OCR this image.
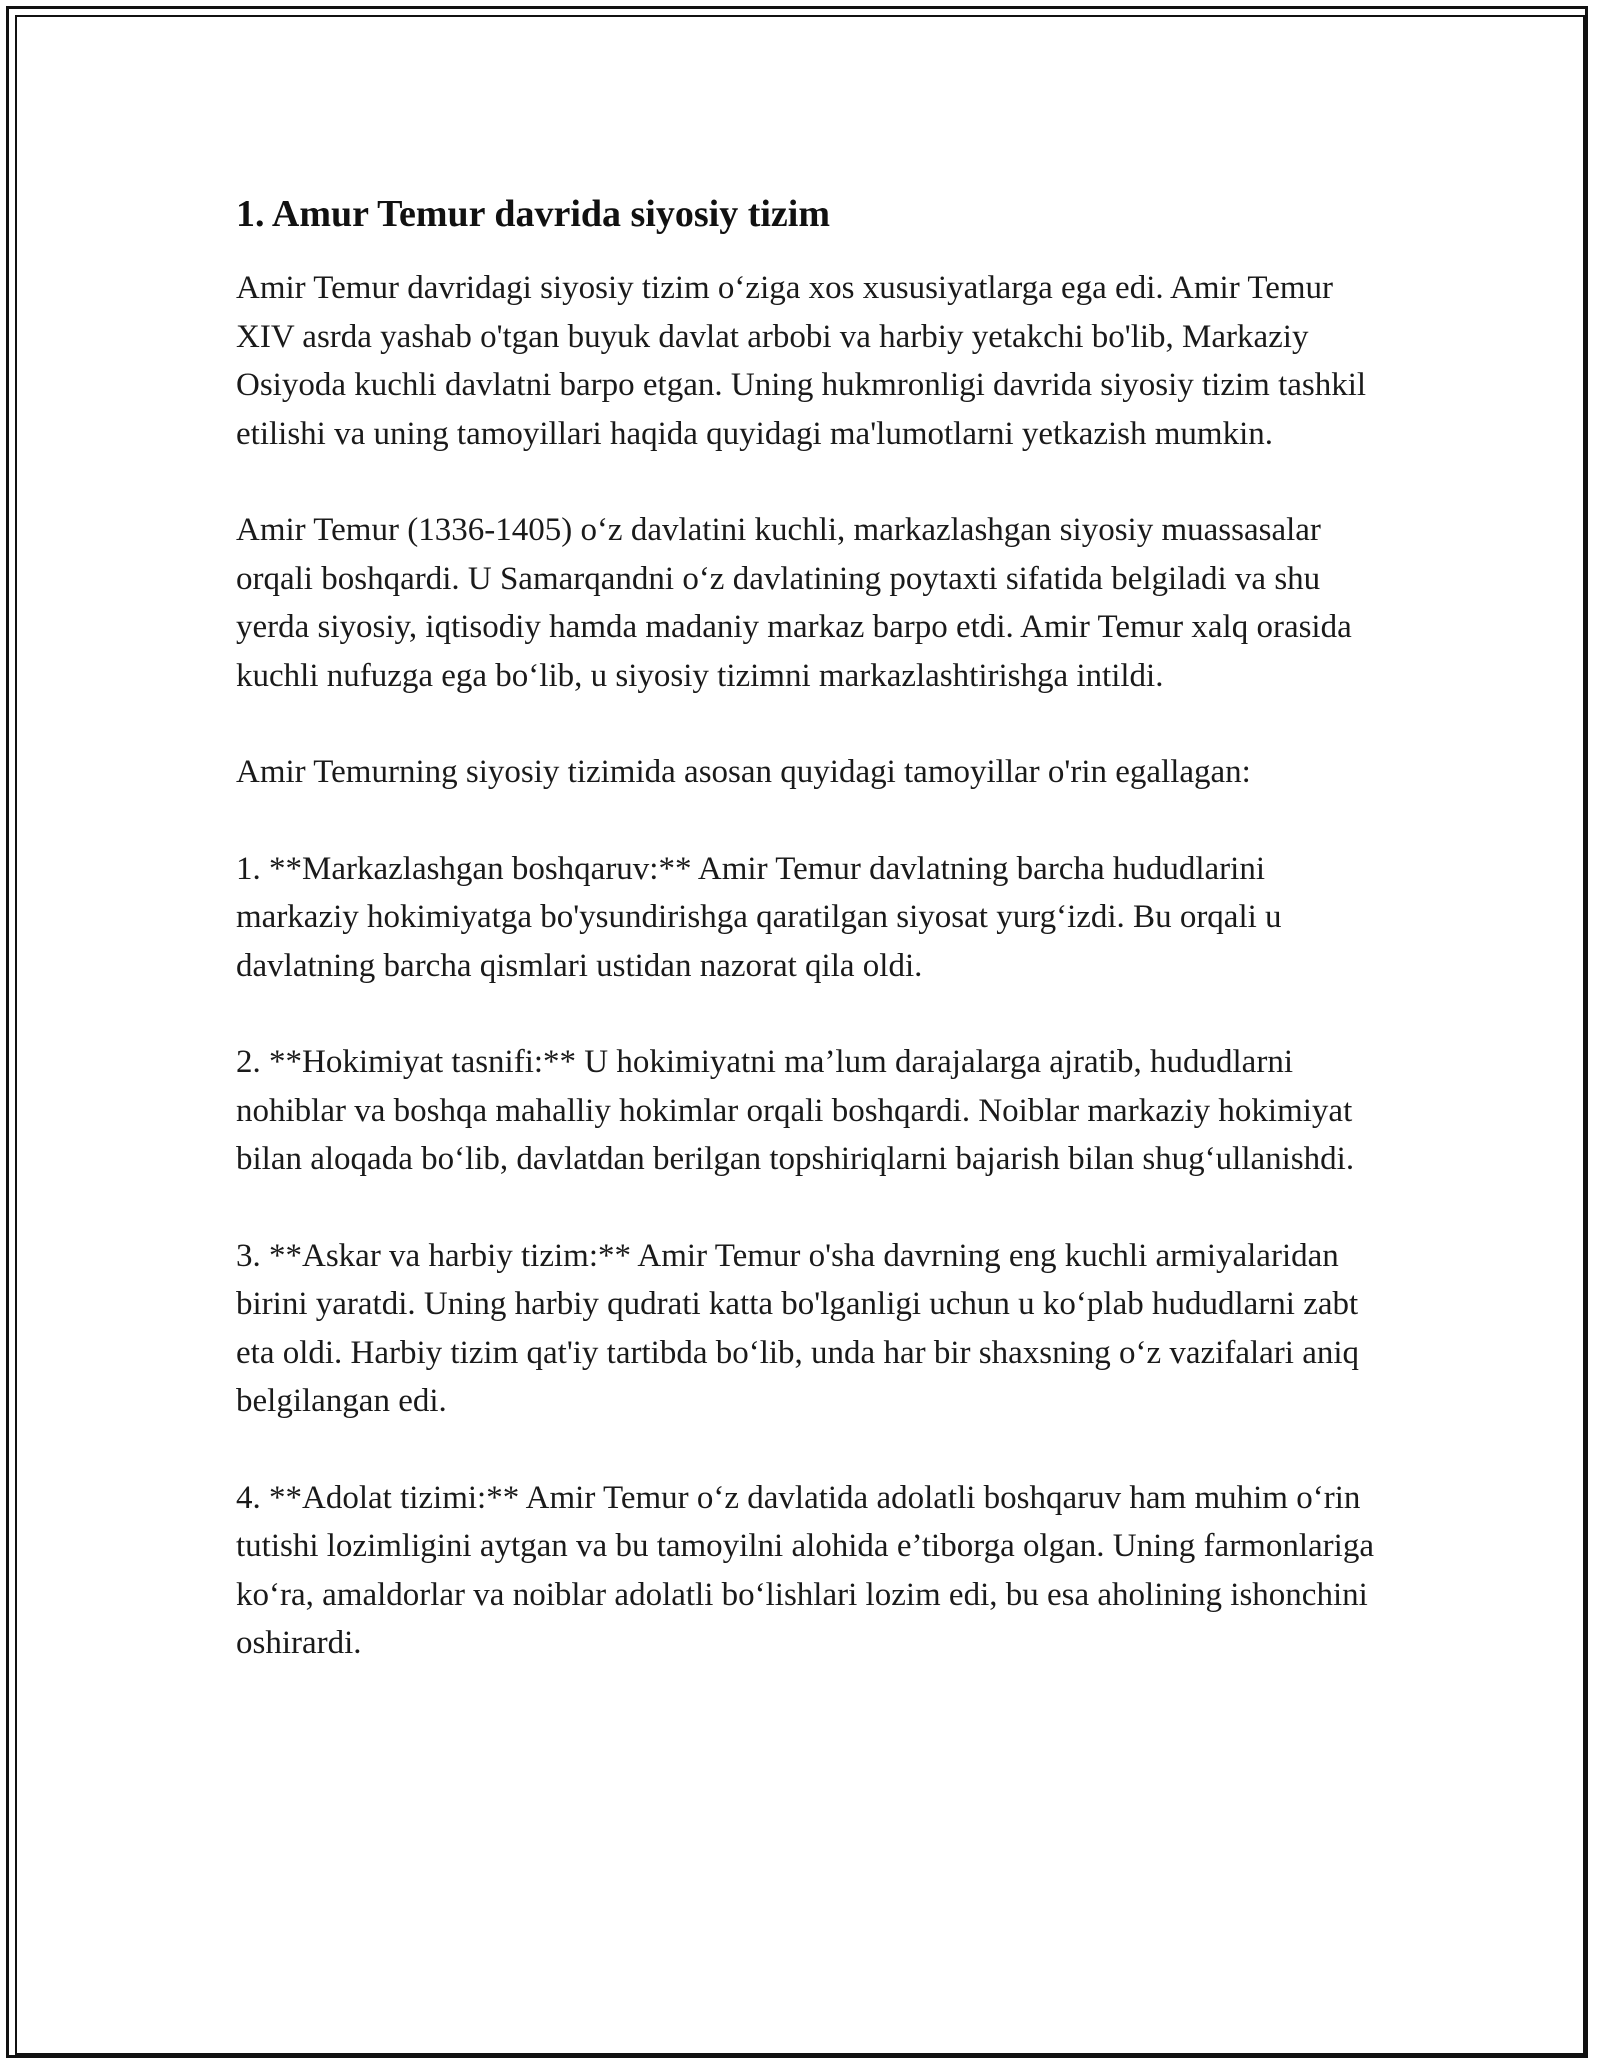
1. Amur Temur davrida siyosiy tizim

Amir Temur davridagi siyosiy tizim o‘ziga xos xususiyatlarga ega edi. Amir Temur XIV asrda yashab o'tgan buyuk davlat arbobi va harbiy yetakchi bo'lib, Markaziy Osiyoda kuchli davlatni barpo etgan. Uning hukmronligi davrida siyosiy tizim tashkil etilishi va uning tamoyillari haqida quyidagi ma'lumotlarni yetkazish mumkin.

Amir Temur (1336-1405) o‘z davlatini kuchli, markazlashgan siyosiy muassasalar orqali boshqardi. U Samarqandni o‘z davlatining poytaxti sifatida belgiladi va shu yerda siyosiy, iqtisodiy hamda madaniy markaz barpo etdi. Amir Temur xalq orasida kuchli nufuzga ega bo‘lib, u siyosiy tizimni markazlashtirishga intildi.

Amir Temurning siyosiy tizimida asosan quyidagi tamoyillar o'rin egallagan:

1. **Markazlashgan boshqaruv:** Amir Temur davlatning barcha hududlarini markaziy hokimiyatga bo'ysundirishga qaratilgan siyosat yurg‘izdi. Bu orqali u davlatning barcha qismlari ustidan nazorat qila oldi.

2. **Hokimiyat tasnifi:** U hokimiyatni ma’lum darajalarga ajratib, hududlarni nohiblar va boshqa mahalliy hokimlar orqali boshqardi. Noiblar markaziy hokimiyat bilan aloqada bo‘lib, davlatdan berilgan topshiriqlarni bajarish bilan shug‘ullanishdi.

3. **Askar va harbiy tizim:** Amir Temur o'sha davrning eng kuchli armiyalaridan birini yaratdi. Uning harbiy qudrati katta bo'lganligi uchun u ko‘plab hududlarni zabt eta oldi. Harbiy tizim qat'iy tartibda bo‘lib, unda har bir shaxsning o‘z vazifalari aniq belgilangan edi.

4. **Adolat tizimi:** Amir Temur o‘z davlatida adolatli boshqaruv ham muhim o‘rin tutishi lozimligini aytgan va bu tamoyilni alohida e’tiborga olgan. Uning farmonlariga ko‘ra, amaldorlar va noiblar adolatli bo‘lishlari lozim edi, bu esa aholining ishonchini oshirardi.
